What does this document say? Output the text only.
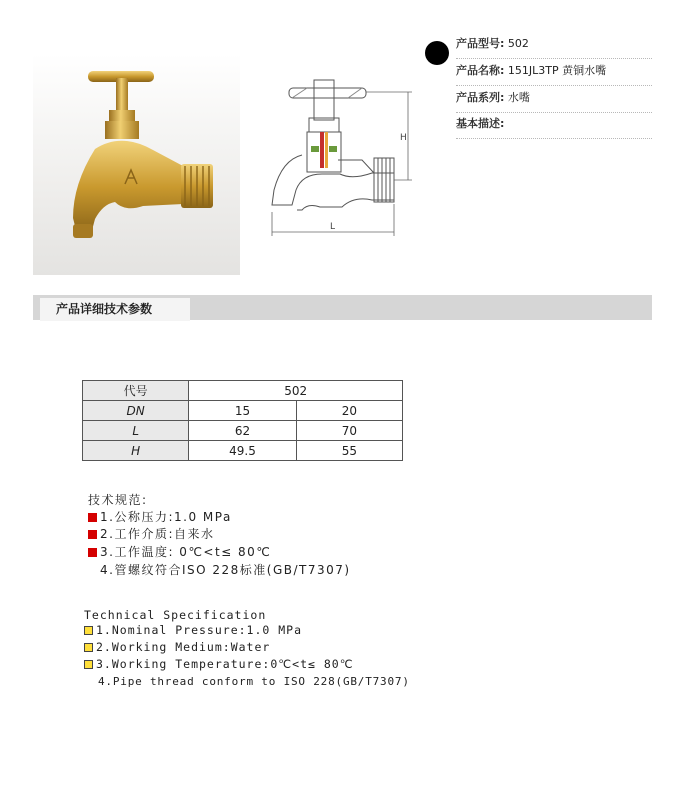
H
L
产品型号: 502
产品名称: 151JL3TP 黄铜水嘴
产品系列: 水嘴
基本描述:
产品详细技术参数
代号	502	
DN	15	20
L	62	70
H	49.5	55
技术规范:
1.公称压力:1.0 MPa
2.工作介质:自来水
3.工作温度: 0℃<t≤ 80℃
4.管螺纹符合ISO 228标准(GB/T7307)
Technical Specification
1.Nominal Pressure:1.0 MPa
2.Working Medium:Water
3.Working Temperature:0℃<t≤ 80℃
4.Pipe thread conform to ISO 228(GB/T7307)
